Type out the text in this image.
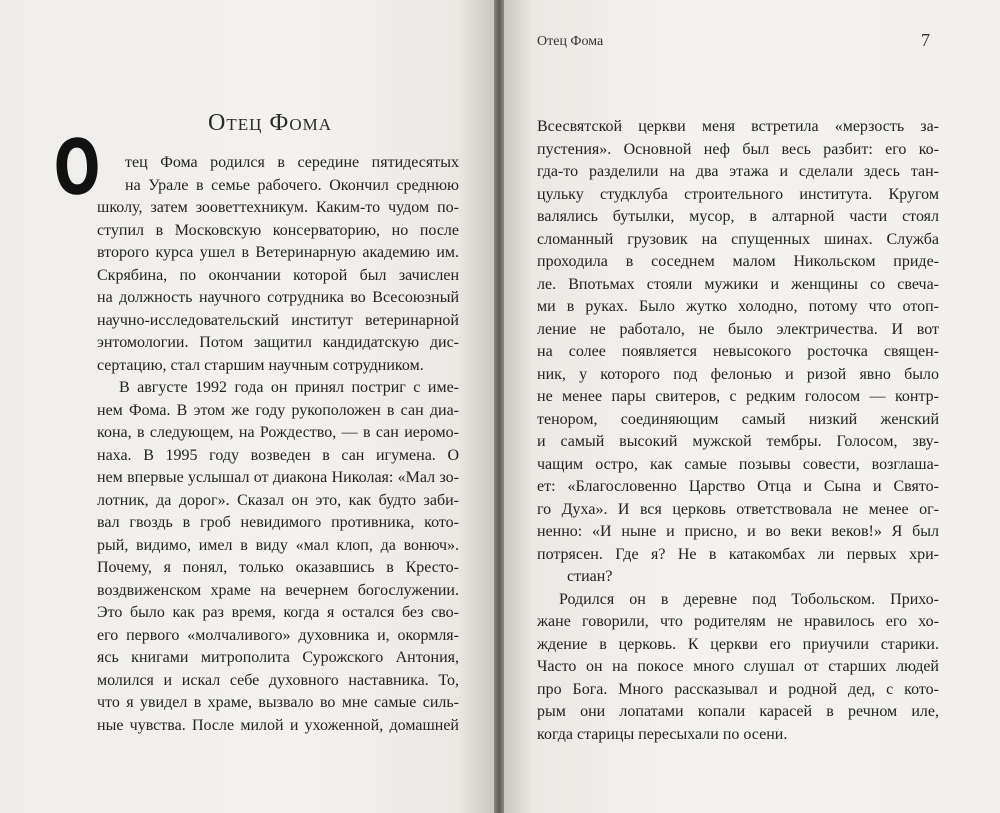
Отец Фома	7
Отец Фома
О тец Фома родился в середине пятидесятых
на Урале в семье рабочего. Окончил среднюю
школу, затем зооветтехникум. Каким-то чудом по-
ступил в Московскую консерваторию, но после
второго курса ушел в Ветеринарную академию им.
Скрябина, по окончании которой был зачислен
на должность научного сотрудника во Всесоюзный
научно-исследовательский институт ветеринарной
энтомологии. Потом защитил кандидатскую дис-
сертацию, стал старшим научным сотрудником.
В августе 1992 года он принял постриг с име-
нем Фома. В этом же году рукоположен в сан диа-
кона, в следующем, на Рождество, — в сан иеромо-
наха. В 1995 году возведен в сан игумена. О
нем впервые услышал от диакона Николая: «Мал зо-
лотник, да дорог». Сказал он это, как будто заби-
вал гвоздь в гроб невидимого противника, кото-
рый, видимо, имел в виду «мал клоп, да вонюч».
Почему, я понял, только оказавшись в Кресто-
воздвиженском храме на вечернем богослужении.
Это было как раз время, когда я остался без сво-
его первого «молчаливого» духовника и, окормля-
ясь книгами митрополита Сурожского Антония,
молился и искал себе духовного наставника. То,
что я увидел в храме, вызвало во мне самые силь-
ные чувства. После милой и ухоженной, домашней
Всесвятской церкви меня встретила «мерзость за-
пустения». Основной неф был весь разбит: его ко-
гда-то разделили на два этажа и сделали здесь тан-
цульку студклуба строительного института. Кругом
валялись бутылки, мусор, в алтарной части стоял
сломанный грузовик на спущенных шинах. Служба
проходила в соседнем малом Никольском приде-
ле. Впотьмах стояли мужики и женщины со свеча-
ми в руках. Было жутко холодно, потому что отоп-
ление не работало, не было электричества. И вот
на солее появляется невысокого росточка священ-
ник, у которого под фелонью и ризой явно было
не менее пары свитеров, с редким голосом — контр-
тенором, соединяющим самый низкий женский
и самый высокий мужской тембры. Голосом, зву-
чащим остро, как самые позывы совести, возглаша-
ет: «Благословенно Царство Отца и Сына и Свято-
го Духа». И вся церковь ответствовала не менее ог-
ненно: «И ныне и присно, и во веки веков!» Я был
потрясен. Где я? Не в катакомбах ли первых хри-
стиан?
Родился он в деревне под Тобольском. Прихо-
жане говорили, что родителям не нравилось его хо-
ждение в церковь. К церкви его приучили старики.
Часто он на покосе много слушал от старших людей
про Бога. Много рассказывал и родной дед, с кото-
рым они лопатами копали карасей в речном иле,
когда старицы пересыхали по осени.
